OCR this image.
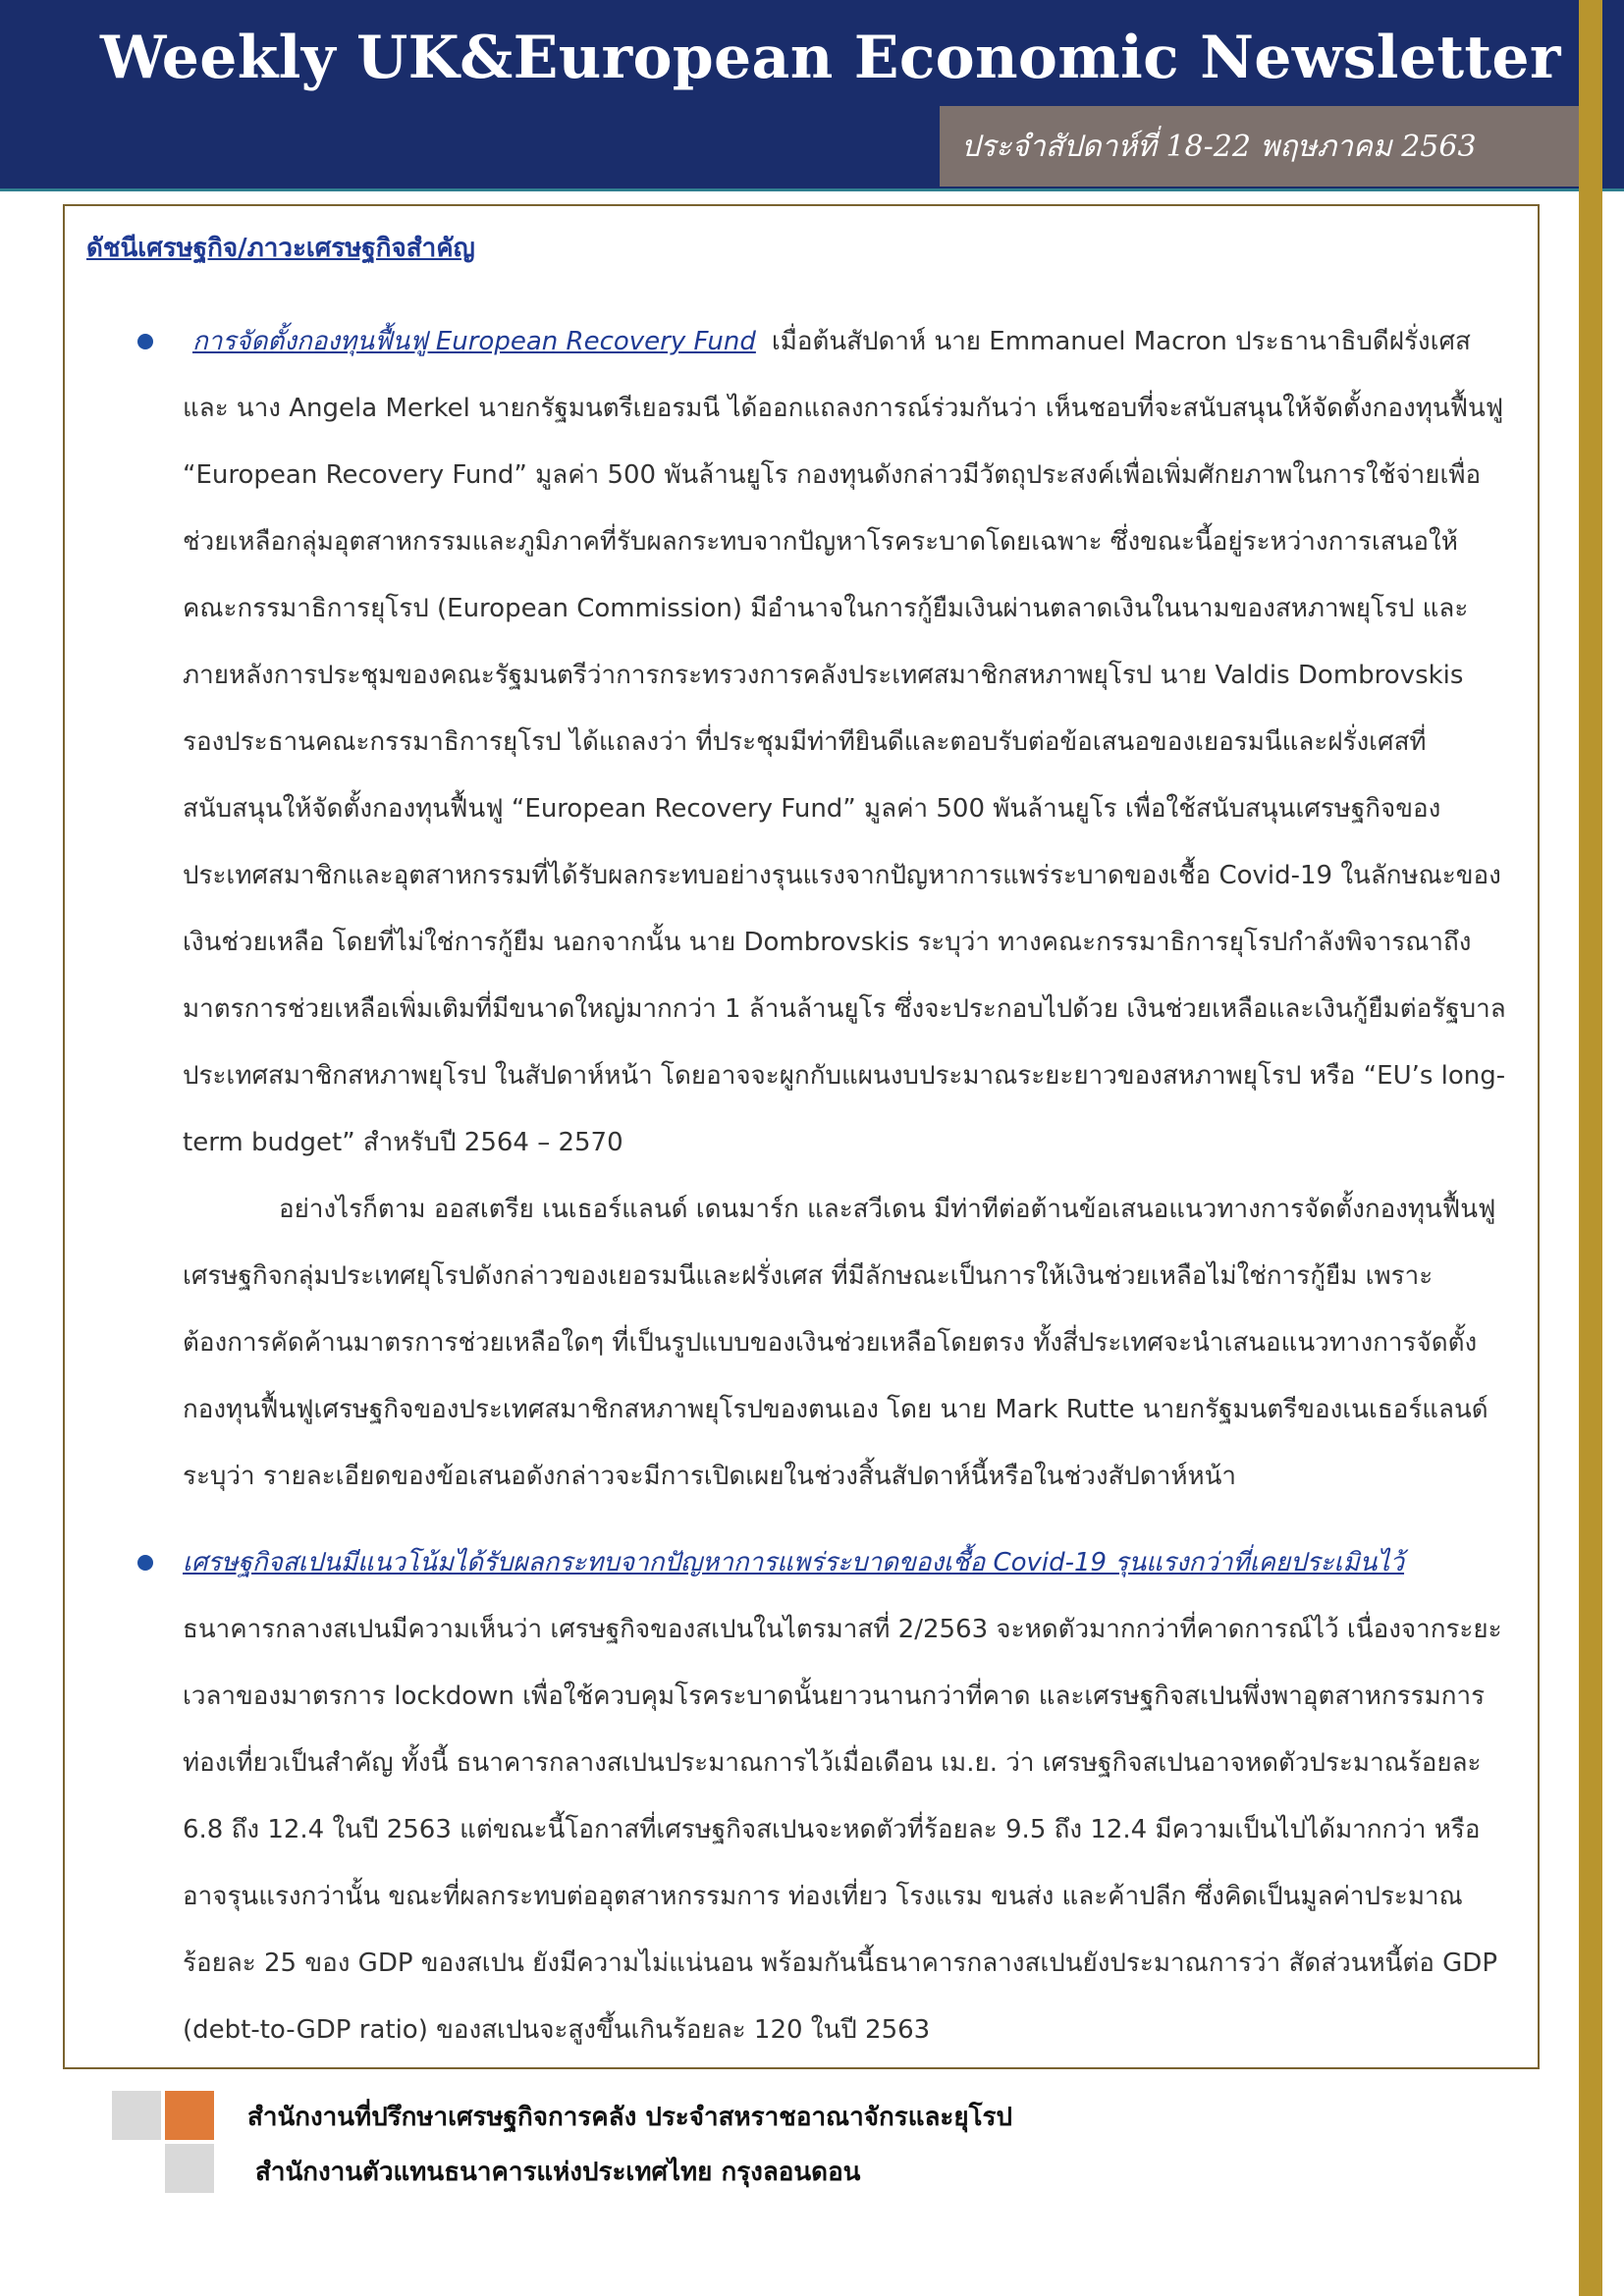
Weekly UK&European Economic Newsletter
ประจำสัปดาห์ที่ 18-22 พฤษภาคม 2563
ดัชนีเศรษฐกิจ/ภาวะเศรษฐกิจสำคัญ

การจัดตั้งกองทุนฟื้นฟู European Recovery Fund เมื่อต้นสัปดาห์ นาย Emmanuel Macron ประธานาธิบดีฝรั่งเศส และ นาง Angela Merkel นายกรัฐมนตรีเยอรมนี ได้ออกแถลงการณ์ร่วมกันว่า เห็นชอบที่จะสนับสนุนให้จัดตั้งกองทุนฟื้นฟู “European Recovery Fund” มูลค่า 500 พันล้านยูโร กองทุนดังกล่าวมีวัตถุประสงค์เพื่อเพิ่มศักยภาพในการใช้จ่ายเพื่อช่วยเหลือกลุ่มอุตสาหกรรมและภูมิภาคที่รับผลกระทบจากปัญหาโรคระบาดโดยเฉพาะ ซึ่งขณะนี้อยู่ระหว่างการเสนอให้คณะกรรมาธิการยุโรป (European Commission) มีอำนาจในการกู้ยืมเงินผ่านตลาดเงินในนามของสหภาพยุโรป และภายหลังการประชุมของคณะรัฐมนตรีว่าการกระทรวงการคลังประเทศสมาชิกสหภาพยุโรป นาย Valdis Dombrovskis รองประธานคณะกรรมาธิการยุโรป ได้แถลงว่า ที่ประชุมมีท่าทียินดีและตอบรับต่อข้อเสนอของเยอรมนีและฝรั่งเศสที่สนับสนุนให้จัดตั้งกองทุนฟื้นฟู “European Recovery Fund” มูลค่า 500 พันล้านยูโร เพื่อใช้สนับสนุนเศรษฐกิจของประเทศสมาชิกและอุตสาหกรรมที่ได้รับผลกระทบอย่างรุนแรงจากปัญหาการแพร่ระบาดของเชื้อ Covid-19 ในลักษณะของเงินช่วยเหลือ โดยที่ไม่ใช่การกู้ยืม นอกจากนั้น นาย Dombrovskis ระบุว่า ทางคณะกรรมาธิการยุโรปกำลังพิจารณาถึงมาตรการช่วยเหลือเพิ่มเติมที่มีขนาดใหญ่มากกว่า 1 ล้านล้านยูโร ซึ่งจะประกอบไปด้วย เงินช่วยเหลือและเงินกู้ยืมต่อรัฐบาลประเทศสมาชิกสหภาพยุโรป ในสัปดาห์หน้า โดยอาจจะผูกกับแผนงบประมาณระยะยาวของสหภาพยุโรป หรือ “EU’s long-term budget” สำหรับปี 2564 – 2570

อย่างไรก็ตาม ออสเตรีย เนเธอร์แลนด์ เดนมาร์ก และสวีเดน มีท่าทีต่อต้านข้อเสนอแนวทางการจัดตั้งกองทุนฟื้นฟูเศรษฐกิจกลุ่มประเทศยุโรปดังกล่าวของเยอรมนีและฝรั่งเศส ที่มีลักษณะเป็นการให้เงินช่วยเหลือไม่ใช่การกู้ยืม เพราะต้องการคัดค้านมาตรการช่วยเหลือใดๆ ที่เป็นรูปแบบของเงินช่วยเหลือโดยตรง ทั้งสี่ประเทศจะนำเสนอแนวทางการจัดตั้งกองทุนฟื้นฟูเศรษฐกิจของประเทศสมาชิกสหภาพยุโรปของตนเอง โดย นาย Mark Rutte นายกรัฐมนตรีของเนเธอร์แลนด์ ระบุว่า รายละเอียดของข้อเสนอดังกล่าวจะมีการเปิดเผยในช่วงสิ้นสัปดาห์นี้หรือในช่วงสัปดาห์หน้า

เศรษฐกิจสเปนมีแนวโน้มได้รับผลกระทบจากปัญหาการแพร่ระบาดของเชื้อ Covid-19 รุนแรงกว่าที่เคยประเมินไว้
ธนาคารกลางสเปนมีความเห็นว่า เศรษฐกิจของสเปนในไตรมาสที่ 2/2563 จะหดตัวมากกว่าที่คาดการณ์ไว้ เนื่องจากระยะเวลาของมาตรการ lockdown เพื่อใช้ควบคุมโรคระบาดนั้นยาวนานกว่าที่คาด และเศรษฐกิจสเปนพึ่งพาอุตสาหกรรมการท่องเที่ยวเป็นสำคัญ ทั้งนี้ ธนาคารกลางสเปนประมาณการไว้เมื่อเดือน เม.ย. ว่า เศรษฐกิจสเปนอาจหดตัวประมาณร้อยละ 6.8 ถึง 12.4 ในปี 2563 แต่ขณะนี้โอกาสที่เศรษฐกิจสเปนจะหดตัวที่ร้อยละ 9.5 ถึง 12.4 มีความเป็นไปได้มากกว่า หรืออาจรุนแรงกว่านั้น ขณะที่ผลกระทบต่ออุตสาหกรรมการ ท่องเที่ยว โรงแรม ขนส่ง และค้าปลีก ซึ่งคิดเป็นมูลค่าประมาณร้อยละ 25 ของ GDP ของสเปน ยังมีความไม่แน่นอน พร้อมกันนี้ธนาคารกลางสเปนยังประมาณการว่า สัดส่วนหนี้ต่อ GDP (debt-to-GDP ratio) ของสเปนจะสูงขึ้นเกินร้อยละ 120 ในปี 2563

สำนักงานที่ปรึกษาเศรษฐกิจการคลัง ประจำสหราชอาณาจักรและยุโรป
สำนักงานตัวแทนธนาคารแห่งประเทศไทย กรุงลอนดอน
